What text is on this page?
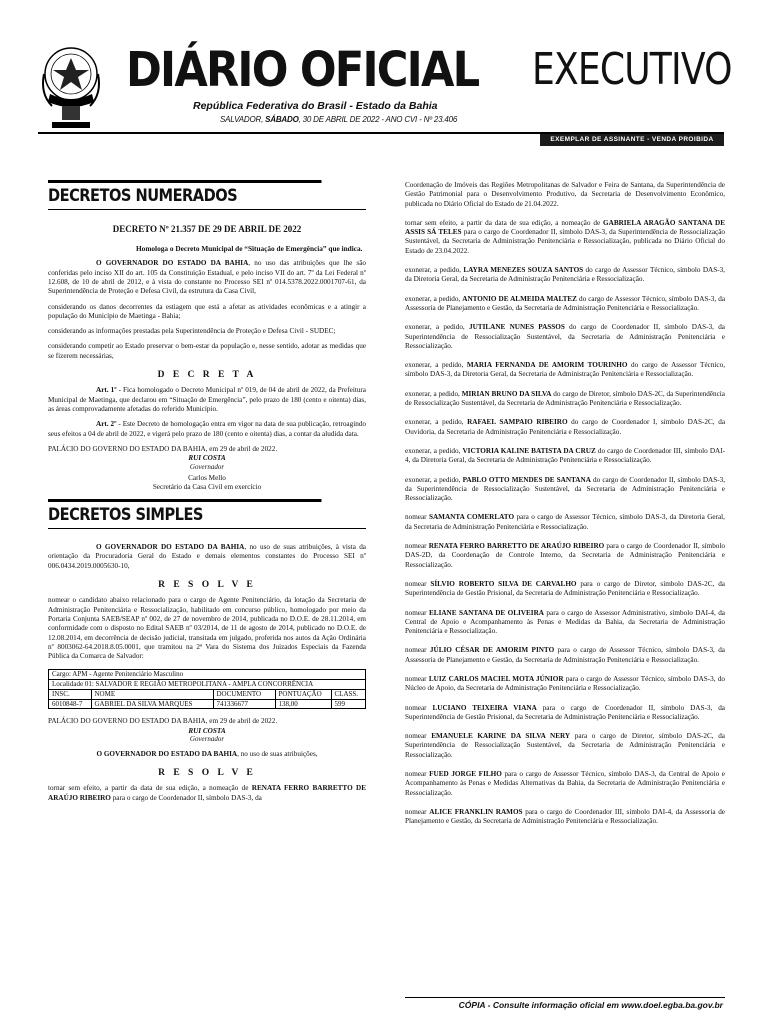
DIÁRIO OFICIAL EXECUTIVO
República Federativa do Brasil - Estado da Bahia
SALVADOR, SÁBADO, 30 DE ABRIL DE 2022 - ANO CVI - Nº 23.406
EXEMPLAR DE ASSINANTE - VENDA PROIBIDA
DECRETOS NUMERADOS
DECRETO Nº 21.357 DE 29 DE ABRIL DE 2022
Homologa o Decreto Municipal de “Situação de Emergência” que indica.

O GOVERNADOR DO ESTADO DA BAHIA, no uso das atribuições que lhe são conferidas pelo inciso XII do art. 105 da Constituição Estadual, e pelo inciso VII do art. 7º da Lei Federal nº 12.608, de 10 de abril de 2012, e à vista do constante no Processo SEI nº 014.5378.2022.0001707-61, da Superintendência de Proteção e Defesa Civil, da estrutura da Casa Civil,

considerando os danos decorrentes da estiagem que está a afetar as atividades econômicas e a atingir a população do Município de Maetinga - Bahia;

considerando as informações prestadas pela Superintendência de Proteção e Defesa Civil - SUDEC;

considerando competir ao Estado preservar o bem-estar da população e, nesse sentido, adotar as medidas que se fizerem necessárias,

D E C R E T A

Art. 1º - Fica homologado o Decreto Municipal nº 019, de 04 de abril de 2022, da Prefeitura Municipal de Maetinga, que declarou em “Situação de Emergência”, pelo prazo de 180 (cento e oitenta) dias, as áreas comprovadamente afetadas do referido Município.

Art. 2º - Este Decreto de homologação entra em vigor na data de sua publicação, retroagindo seus efeitos a 04 de abril de 2022, e vigerá pelo prazo de 180 (cento e oitenta) dias, a contar da aludida data.

PALÁCIO DO GOVERNO DO ESTADO DA BAHIA, em 29 de abril de 2022.

RUI COSTA
Governador
Carlos Mello
Secretário da Casa Civil em exercício
DECRETOS SIMPLES

O GOVERNADOR DO ESTADO DA BAHIA, no uso de suas atribuições, à vista da orientação da Procuradoria Geral do Estado e demais elementos constantes do Processo SEI nº 006.0434.2019.0005630-10,

R E S O L V E

nomear o candidato abaixo relacionado para o cargo de Agente Penitenciário, da lotação da Secretaria de Administração Penitenciária e Ressocialização, habilitado em concurso público, homologado por meio da Portaria Conjunta SAEB/SEAP nº 002, de 27 de novembro de 2014, publicada no D.O.E. de 28.11.2014, em conformidade com o disposto no Edital SAEB nº 03/2014, de 11 de agosto de 2014, publicado no D.O.E. de 12.08.2014, em decorrência de decisão judicial, transitada em julgado, proferida nos autos da Ação Ordinária nº 8003062-64.2018.8.05.0001, que tramitou na 2ª Vara do Sistema dos Juizados Especiais da Fazenda Pública da Comarca de Salvador:

Cargo: APM - Agente Penitenciário Masculino
Localidade 01: SALVADOR E REGIÃO METROPOLITANA - AMPLA CONCORRÊNCIA
INSC.	NOME	DOCUMENTO	PONTUAÇÃO	CLASS.
6010848-7	GABRIEL DA SILVA MARQUES	741336677	138,00	599

PALÁCIO DO GOVERNO DO ESTADO DA BAHIA, em 29 de abril de 2022.

RUI COSTA
Governador

O GOVERNADOR DO ESTADO DA BAHIA, no uso de suas atribuições,

R E S O L V E

tornar sem efeito, a partir da data de sua edição, a nomeação de RENATA FERRO BARRETTO DE ARAÚJO RIBEIRO para o cargo de Coordenador II, símbolo DAS-3, da

Coordenação de Imóveis das Regiões Metropolitanas de Salvador e Feira de Santana, da Superintendência de Gestão Patrimonial para o Desenvolvimento Produtivo, da Secretaria de Desenvolvimento Econômico, publicada no Diário Oficial do Estado de 21.04.2022.

tornar sem efeito, a partir da data de sua edição, a nomeação de GABRIELA ARAGÃO SANTANA DE ASSIS SÁ TELES para o cargo de Coordenador II, símbolo DAS-3, da Superintendência de Ressocialização Sustentável, da Secretaria de Administração Penitenciária e Ressocialização, publicada no Diário Oficial do Estado de 23.04.2022.

exonerar, a pedido, LAYRA MENEZES SOUZA SANTOS do cargo de Assessor Técnico, símbolo DAS-3, da Diretoria Geral, da Secretaria de Administração Penitenciária e Ressocialização.

exonerar, a pedido, ANTONIO DE ALMEIDA MALTEZ do cargo de Assessor Técnico, símbolo DAS-3, da Assessoria de Planejamento e Gestão, da Secretaria de Administração Penitenciária e Ressocialização.

exonerar, a pedido, JUTILANE NUNES PASSOS do cargo de Coordenador II, símbolo DAS-3, da Superintendência de Ressocialização Sustentável, da Secretaria de Administração Penitenciária e Ressocialização.

exonerar, a pedido, MARIA FERNANDA DE AMORIM TOURINHO do cargo de Assessor Técnico, símbolo DAS-3, da Diretoria Geral, da Secretaria de Administração Penitenciária e Ressocialização.

exonerar, a pedido, MIRIAN BRUNO DA SILVA do cargo de Diretor, símbolo DAS-2C, da Superintendência de Ressocialização Sustentável, da Secretaria de Administração Penitenciária e Ressocialização.

exonerar, a pedido, RAFAEL SAMPAIO RIBEIRO do cargo de Coordenador I, símbolo DAS-2C, da Ouvidoria, da Secretaria de Administração Penitenciária e Ressocialização.

exonerar, a pedido, VICTORIA KALINE BATISTA DA CRUZ do cargo de Coordenador III, símbolo DAI-4, da Diretoria Geral, da Secretaria de Administração Penitenciária e Ressocialização.

exonerar, a pedido, PABLO OTTO MENDES DE SANTANA do cargo de Coordenador II, símbolo DAS-3, da Superintendência de Ressocialização Sustentável, da Secretaria de Administração Penitenciária e Ressocialização.

nomear SAMANTA COMERLATO para o cargo de Assessor Técnico, símbolo DAS-3, da Diretoria Geral, da Secretaria de Administração Penitenciária e Ressocialização.

nomear RENATA FERRO BARRETTO DE ARAÚJO RIBEIRO para o cargo de Coordenador II, símbolo DAS-2D, da Coordenação de Controle Interno, da Secretaria de Administração Penitenciária e Ressocialização.

nomear SÍLVIO ROBERTO SILVA DE CARVALHO para o cargo de Diretor, símbolo DAS-2C, da Superintendência de Gestão Prisional, da Secretaria de Administração Penitenciária e Ressocialização.

nomear ELIANE SANTANA DE OLIVEIRA para o cargo de Assessor Administrativo, símbolo DAI-4, da Central de Apoio e Acompanhamento às Penas e Medidas da Bahia, da Secretaria de Administração Penitenciária e Ressocialização.

nomear JÚLIO CÉSAR DE AMORIM PINTO para o cargo de Assessor Técnico, símbolo DAS-3, da Assessoria de Planejamento e Gestão, da Secretaria de Administração Penitenciária e Ressocialização.

nomear LUIZ CARLOS MACIEL MOTA JÚNIOR para o cargo de Assessor Técnico, símbolo DAS-3, do Núcleo de Apoio, da Secretaria de Administração Penitenciária e Ressocialização.

nomear LUCIANO TEIXEIRA VIANA para o cargo de Coordenador II, símbolo DAS-3, da Superintendência de Gestão Prisional, da Secretaria de Administração Penitenciária e Ressocialização.

nomear EMANUELE KARINE DA SILVA NERY para o cargo de Diretor, símbolo DAS-2C, da Superintendência de Ressocialização Sustentável, da Secretaria de Administração Penitenciária e Ressocialização.

nomear FUED JORGE FILHO para o cargo de Assessor Técnico, símbolo DAS-3, da Central de Apoio e Acompanhamento às Penas e Medidas Alternativas da Bahia, da Secretaria de Administração Penitenciária e Ressocialização.

nomear ALICE FRANKLIN RAMOS para o cargo de Coordenador III, símbolo DAI-4, da Assessoria de Planejamento e Gestão, da Secretaria de Administração Penitenciária e Ressocialização.

CÓPIA - Consulte informação oficial em www.doel.egba.ba.gov.br
